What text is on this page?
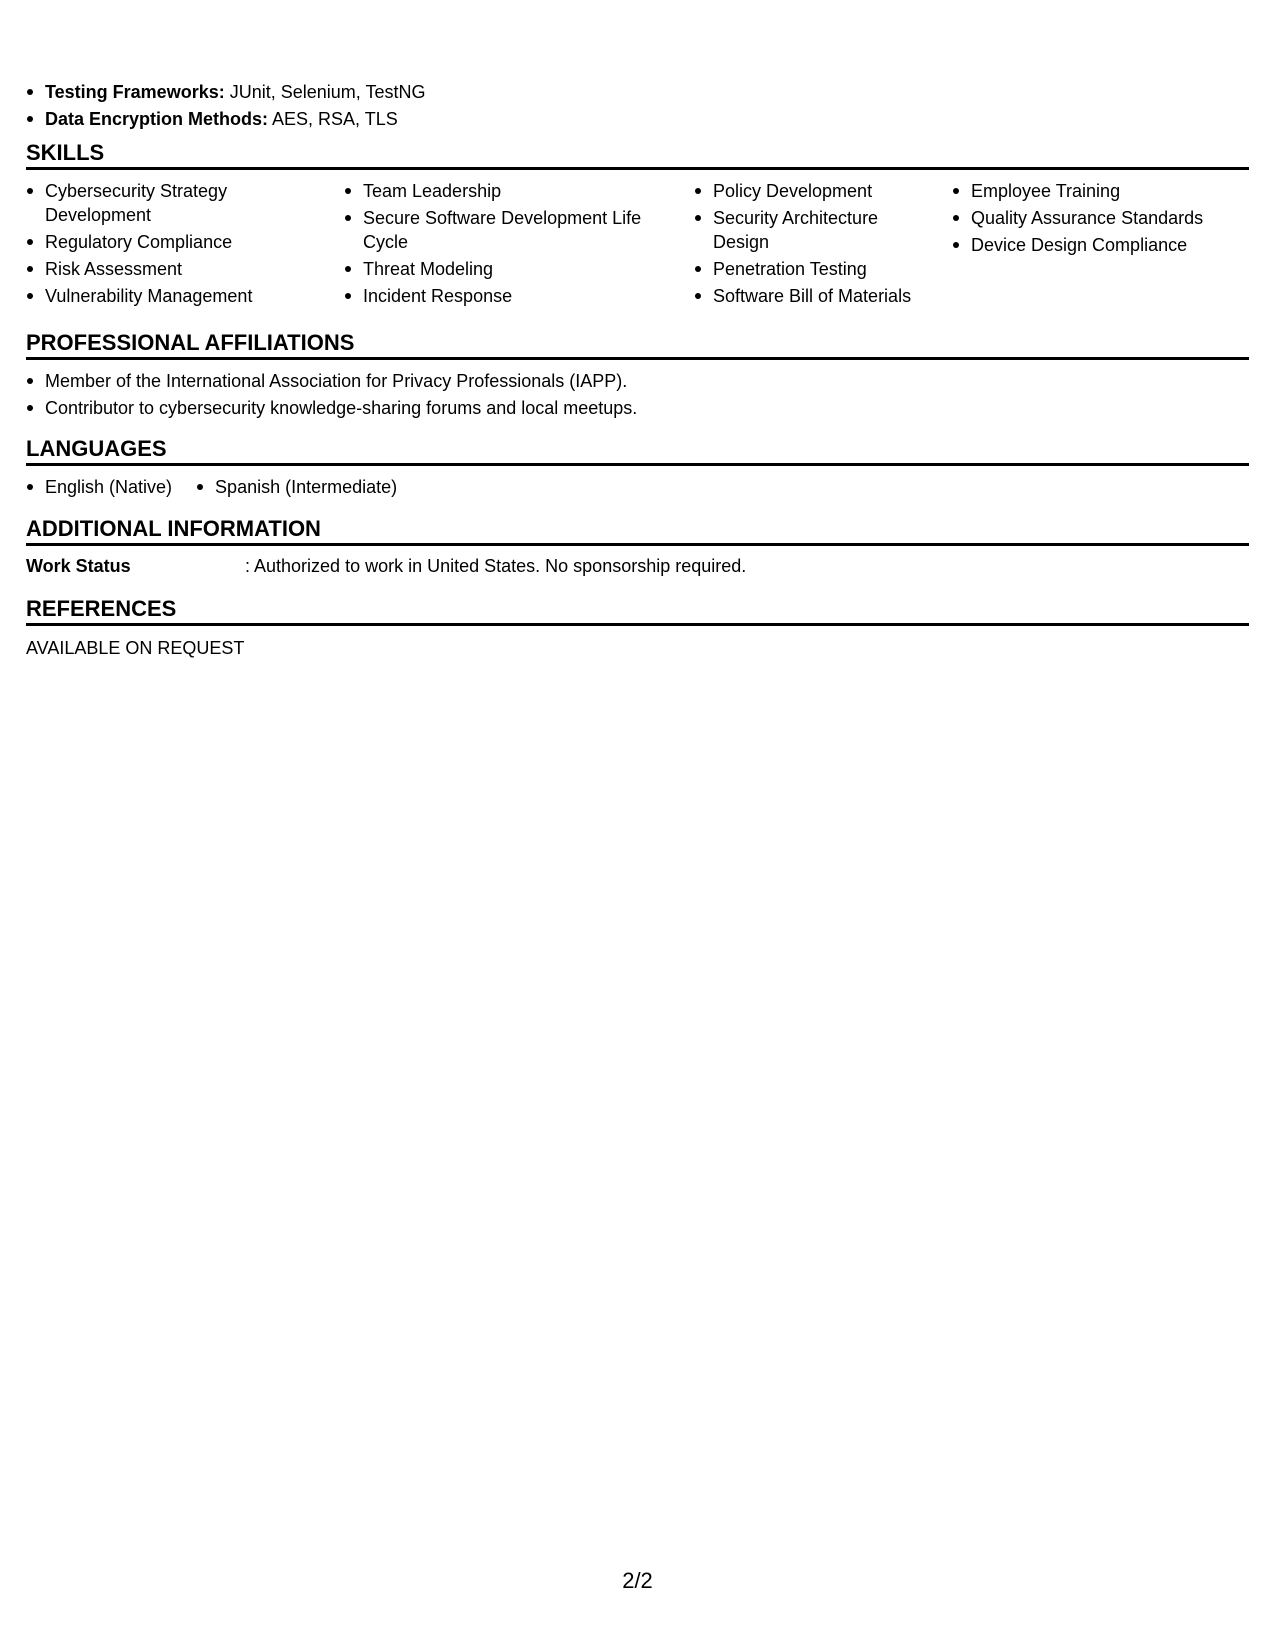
Testing Frameworks: JUnit, Selenium, TestNG
Data Encryption Methods: AES, RSA, TLS
SKILLS
Cybersecurity Strategy Development
Regulatory Compliance
Risk Assessment
Vulnerability Management
Team Leadership
Secure Software Development Life Cycle
Threat Modeling
Incident Response
Policy Development
Security Architecture Design
Penetration Testing
Software Bill of Materials
Employee Training
Quality Assurance Standards
Device Design Compliance
PROFESSIONAL AFFILIATIONS
Member of the International Association for Privacy Professionals (IAPP).
Contributor to cybersecurity knowledge-sharing forums and local meetups.
LANGUAGES
English (Native)	Spanish (Intermediate)
ADDITIONAL INFORMATION
Work Status	: Authorized to work in United States. No sponsorship required.
REFERENCES
AVAILABLE ON REQUEST
2/2
